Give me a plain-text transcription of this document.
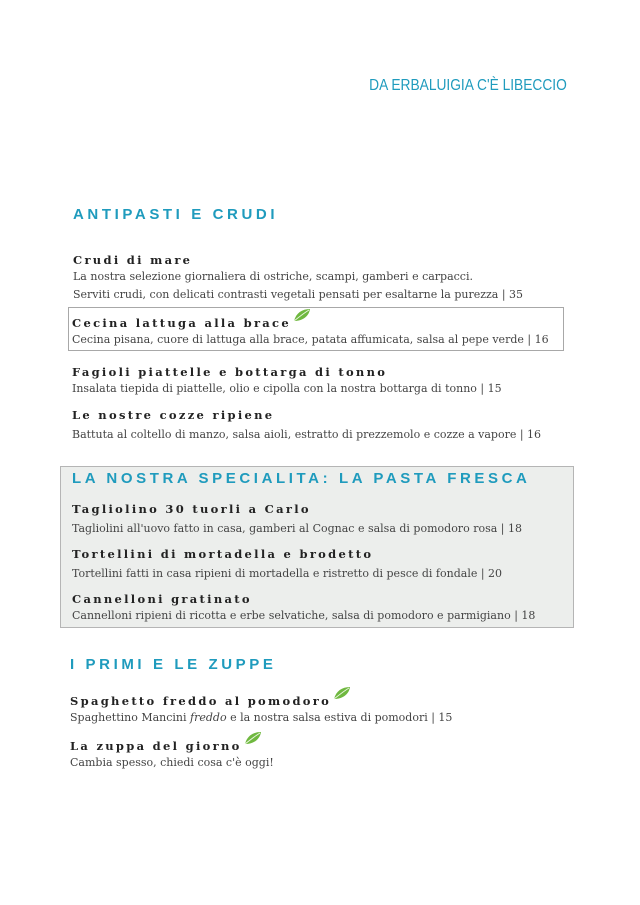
DA ERBALUIGIA C'È LIBECCIO
ANTIPASTI E CRUDI
Crudi di mare
La nostra selezione giornaliera di ostriche, scampi, gamberi e carpacci.
Serviti crudi, con delicati contrasti vegetali pensati per esaltarne la purezza | 35
Cecina lattuga alla brace
Cecina pisana, cuore di lattuga alla brace, patata affumicata, salsa al pepe verde | 16
Fagioli piattelle e bottarga di tonno
Insalata tiepida di piattelle, olio e cipolla con la nostra bottarga di tonno | 15
Le nostre cozze ripiene
Battuta al coltello di manzo, salsa aioli, estratto di prezzemolo e cozze a vapore | 16
LA NOSTRA SPECIALITA: LA PASTA FRESCA
Tagliolino 30 tuorli a Carlo
Tagliolini all'uovo fatto in casa, gamberi al Cognac e salsa di pomodoro rosa | 18
Tortellini di mortadella e brodetto
Tortellini fatti in casa ripieni di mortadella e ristretto di pesce di fondale | 20
Cannelloni gratinato
Cannelloni ripieni di ricotta e erbe selvatiche, salsa di pomodoro e parmigiano | 18
I PRIMI E LE ZUPPE
Spaghetto freddo al pomodoro
Spaghettino Mancini freddo e la nostra salsa estiva di pomodori | 15
La zuppa del giorno
Cambia spesso, chiedi cosa c'è oggi!
